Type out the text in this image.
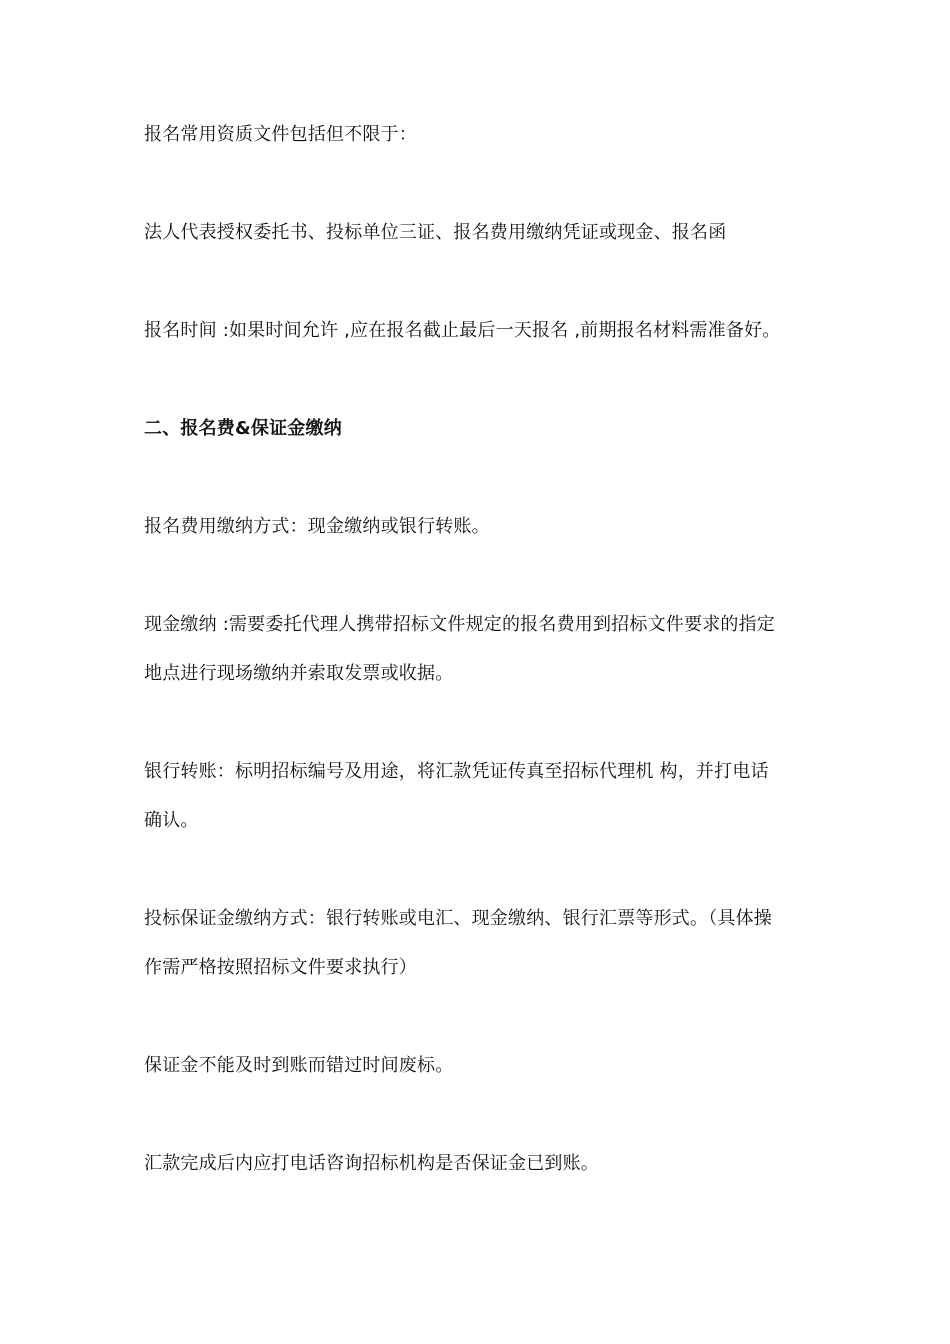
报名常用资质文件包括但不限于：
法人代表授权委托书、投标单位三证、报名费用缴纳凭证或现金、报名函
报名时间 :如果时间允许 ,应在报名截止最后一天报名 ,前期报名材料需准备好。
二、报名费&保证金缴纳
报名费用缴纳方式：现金缴纳或银行转账。
现金缴纳 :需要委托代理人携带招标文件规定的报名费用到招标文件要求的指定
地点进行现场缴纳并索取发票或收据。
银行转账：标明招标编号及用途，将汇款凭证传真至招标代理机 构，并打电话
确认。
投标保证金缴纳方式：银行转账或电汇、现金缴纳、银行汇票等形式。（具体操
作需严格按照招标文件要求执行）
保证金不能及时到账而错过时间废标。
汇款完成后内应打电话咨询招标机构是否保证金已到账。
